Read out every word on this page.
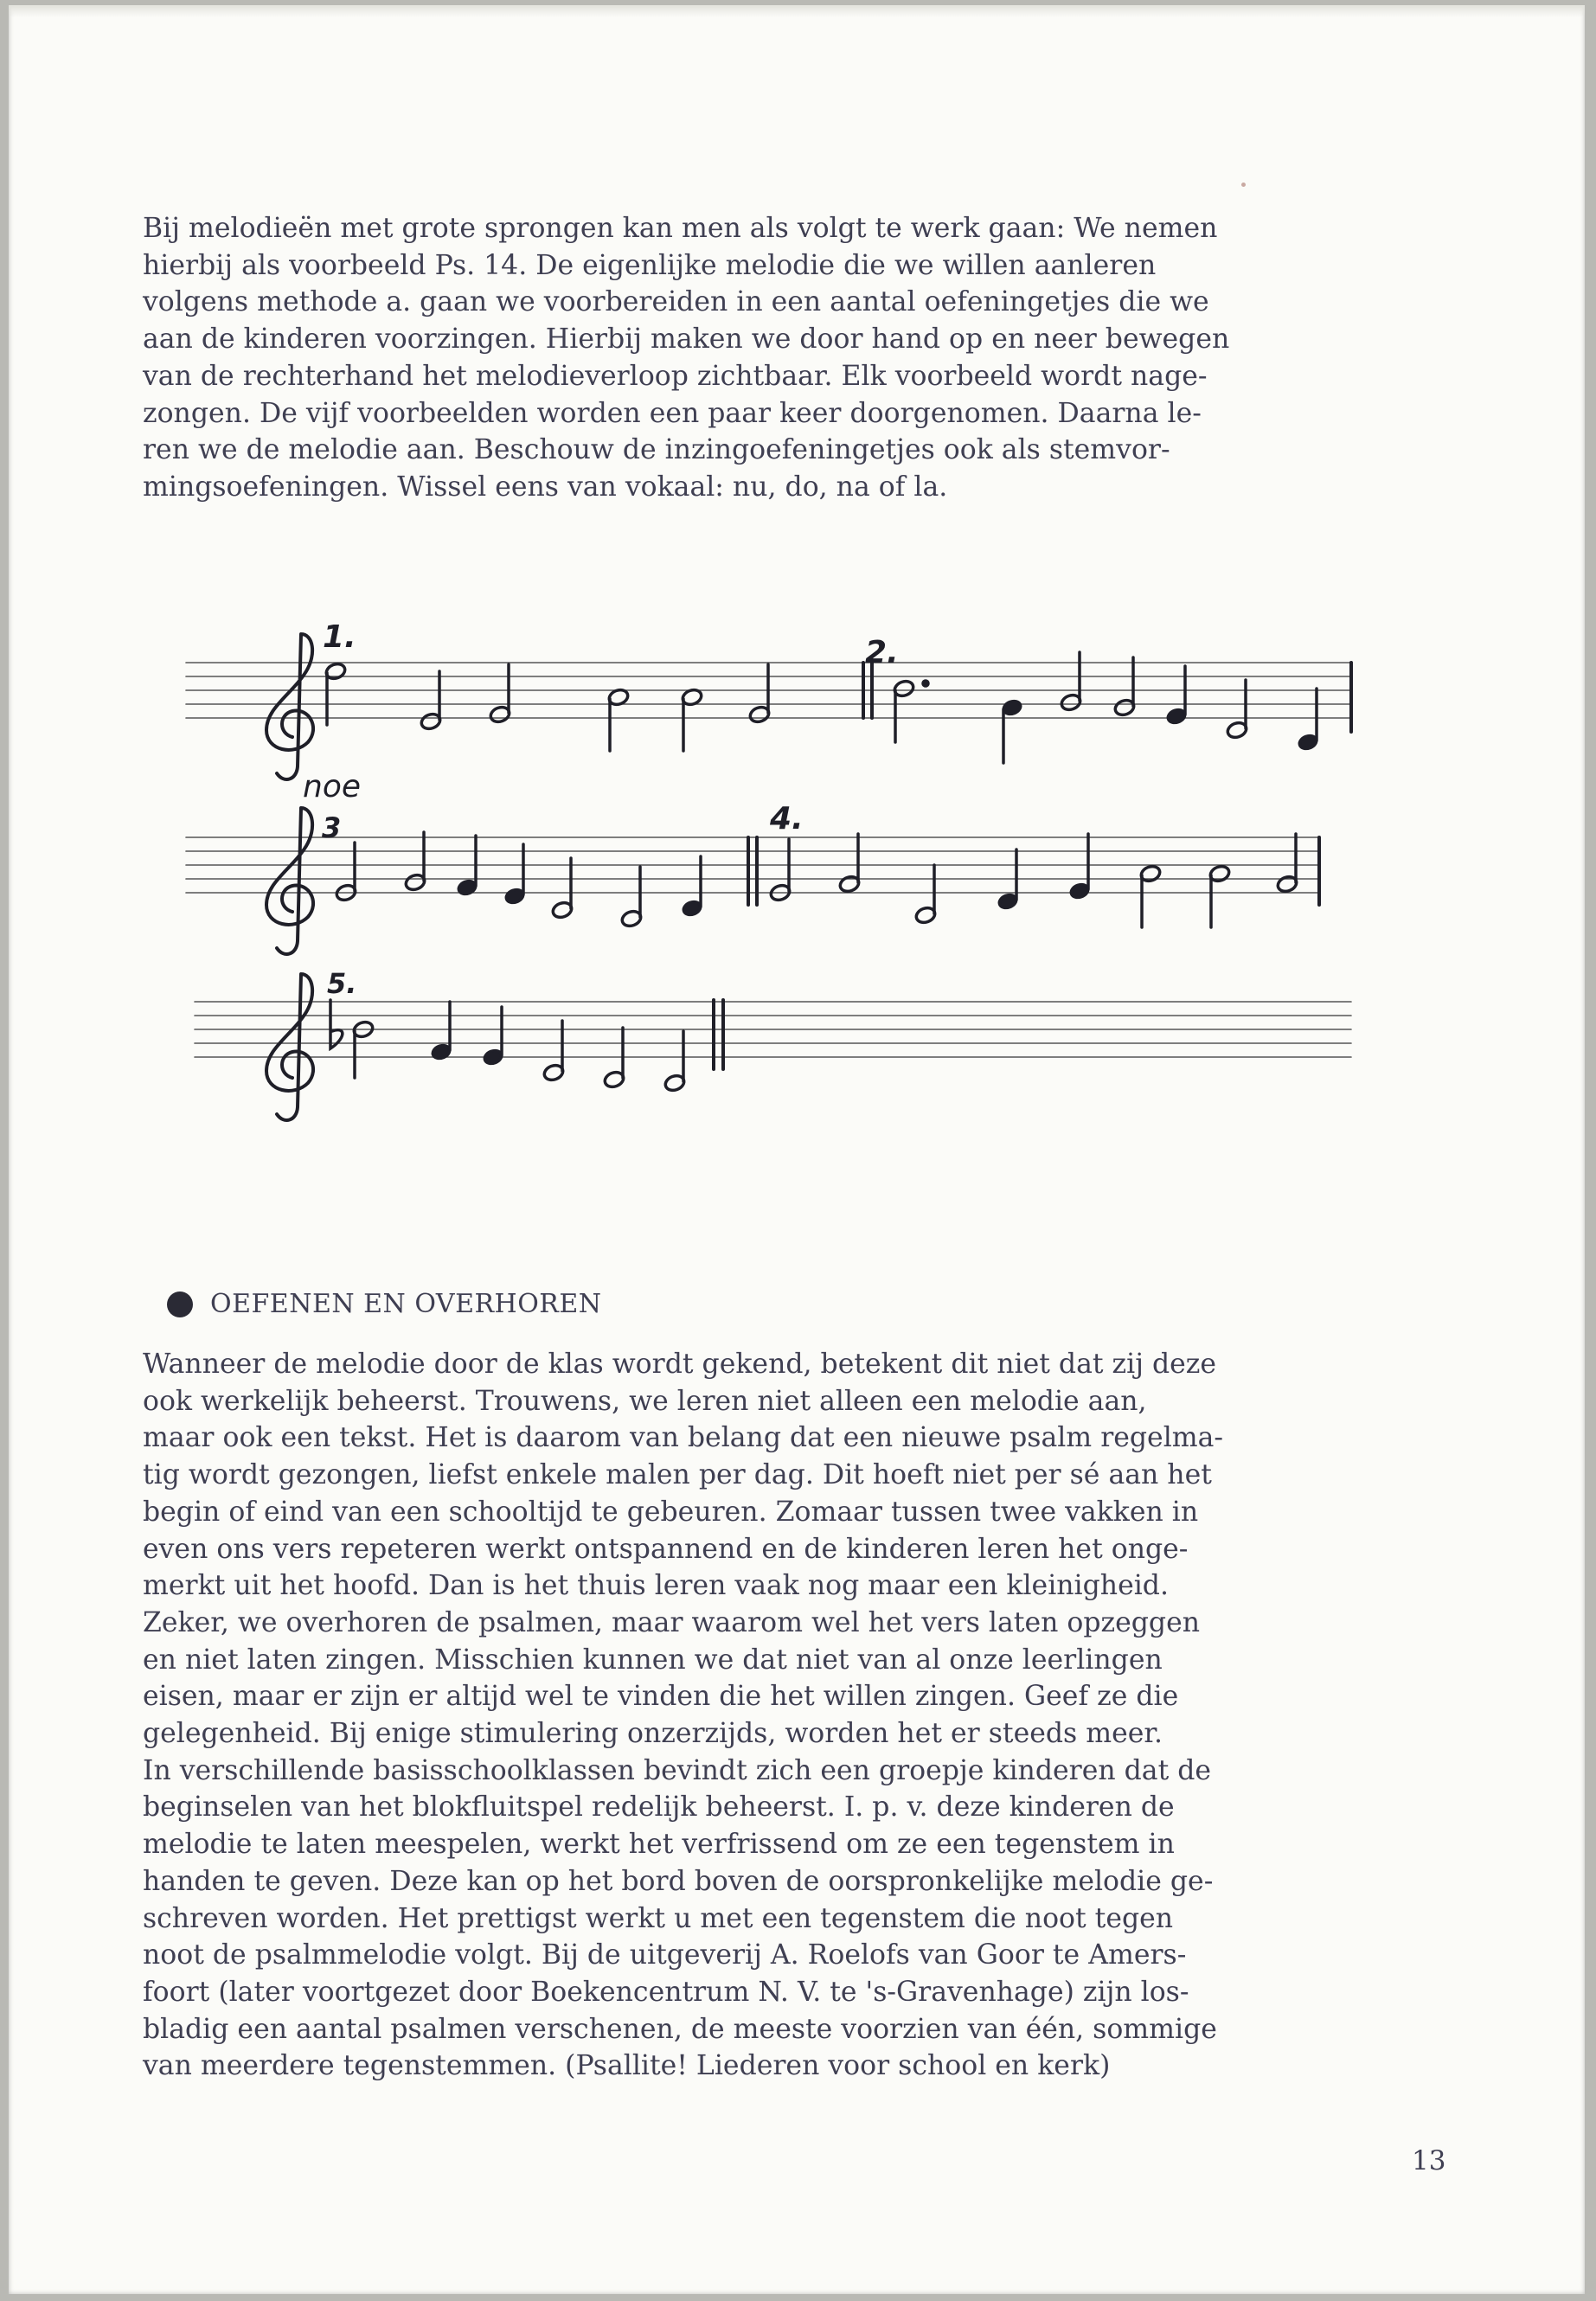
Bij melodieën met grote sprongen kan men als volgt te werk gaan: We nemen
hierbij als voorbeeld Ps. 14. De eigenlijke melodie die we willen aanleren
volgens methode a. gaan we voorbereiden in een aantal oefeningetjes die we
aan de kinderen voorzingen. Hierbij maken we door hand op en neer bewegen
van de rechterhand het melodieverloop zichtbaar. Elk voorbeeld wordt nage-
zongen. De vijf voorbeelden worden een paar keer doorgenomen. Daarna le-
ren we de melodie aan. Beschouw de inzingoefeningetjes ook als stemvor-
mingsoefeningen. Wissel eens van vokaal: nu, do, na of la.

1.	2.
noe
3	4.
5.
OEFENEN EN OVERHOREN

Wanneer de melodie door de klas wordt gekend, betekent dit niet dat zij deze
ook werkelijk beheerst. Trouwens, we leren niet alleen een melodie aan,
maar ook een tekst. Het is daarom van belang dat een nieuwe psalm regelma-
tig wordt gezongen, liefst enkele malen per dag. Dit hoeft niet per sé aan het
begin of eind van een schooltijd te gebeuren. Zomaar tussen twee vakken in
even ons vers repeteren werkt ontspannend en de kinderen leren het onge-
merkt uit het hoofd. Dan is het thuis leren vaak nog maar een kleinigheid.
Zeker, we overhoren de psalmen, maar waarom wel het vers laten opzeggen
en niet laten zingen. Misschien kunnen we dat niet van al onze leerlingen
eisen, maar er zijn er altijd wel te vinden die het willen zingen. Geef ze die
gelegenheid. Bij enige stimulering onzerzijds, worden het er steeds meer.
In verschillende basisschoolklassen bevindt zich een groepje kinderen dat de
beginselen van het blokfluitspel redelijk beheerst. I. p. v. deze kinderen de
melodie te laten meespelen, werkt het verfrissend om ze een tegenstem in
handen te geven. Deze kan op het bord boven de oorspronkelijke melodie ge-
schreven worden. Het prettigst werkt u met een tegenstem die noot tegen
noot de psalmmelodie volgt. Bij de uitgeverij A. Roelofs van Goor te Amers-
foort (later voortgezet door Boekencentrum N. V. te 's-Gravenhage) zijn los-
bladig een aantal psalmen verschenen, de meeste voorzien van één, sommige
van meerdere tegenstemmen. (Psallite! Liederen voor school en kerk)

13
